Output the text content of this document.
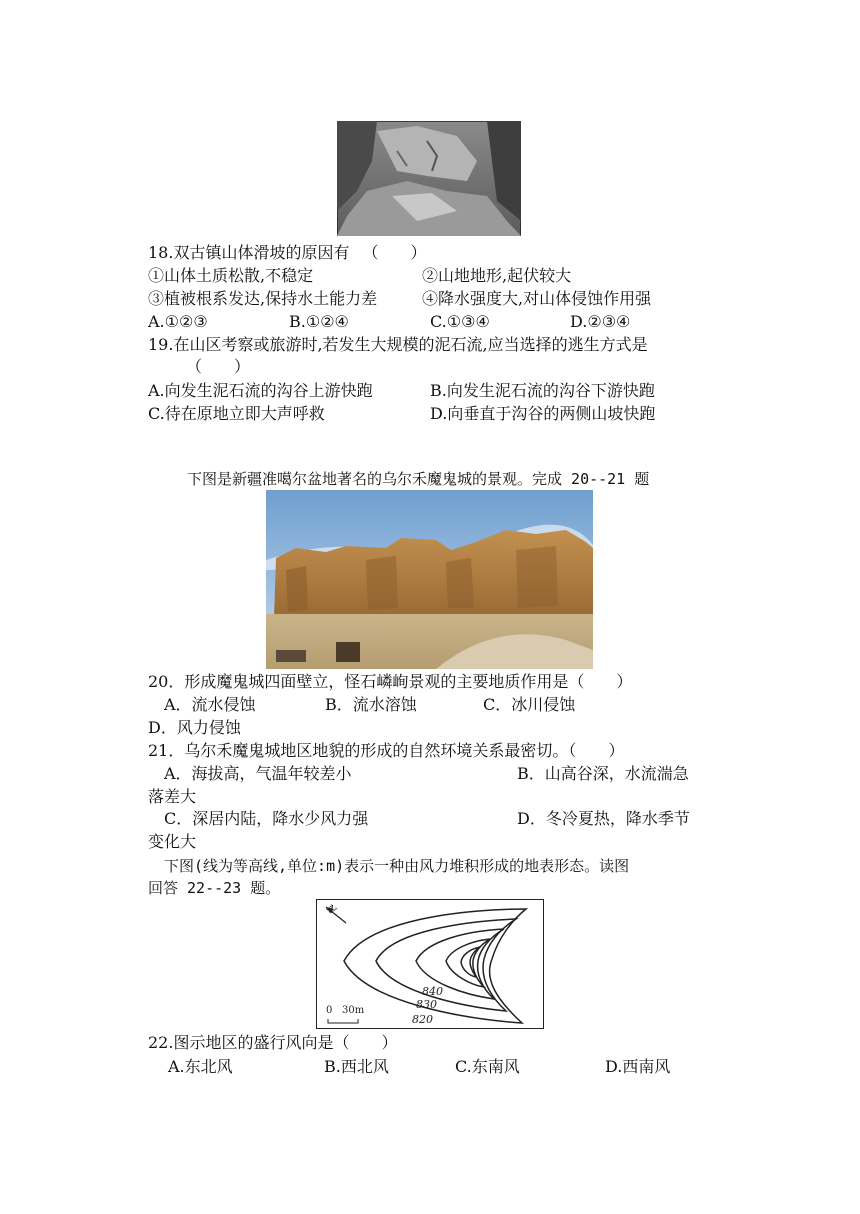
18.双古镇山体滑坡的原因有 　（　　）
①山体土质松散,不稳定	②山地地形,起伏较大
③植被根系发达,保持水土能力差	④降水强度大,对山体侵蚀作用强
A.①②③	B.①②④	C.①③④	D.②③④
19.在山区考察或旅游时,若发生大规模的泥石流,应当选择的逃生方式是
（　　）
A.向发生泥石流的沟谷上游快跑	B.向发生泥石流的沟谷下游快跑
C.待在原地立即大声呼救	D.向垂直于沟谷的两侧山坡快跑
下图是新疆准噶尔盆地著名的乌尔禾魔鬼城的景观。完成 20--21 题
20．形成魔鬼城四面壁立，怪石嶙峋景观的主要地质作用是（　　）
A．流水侵蚀	B．流水溶蚀	C．冰川侵蚀
D．风力侵蚀
21．乌尔禾魔鬼城地区地貌的形成的自然环境关系最密切。（　　）
A．海拔高，气温年较差小	B．山高谷深，水流湍急
落差大
C．深居内陆，降水少风力强	D．冬冷夏热，降水季节
变化大
下图(线为等高线,单位:m)表示一种由风力堆积形成的地表形态。读图
回答 22--23 题。
N
840
830
820
0 30m
22.图示地区的盛行风向是（　　）
A.东北风	B.西北风	C.东南风	D.西南风
